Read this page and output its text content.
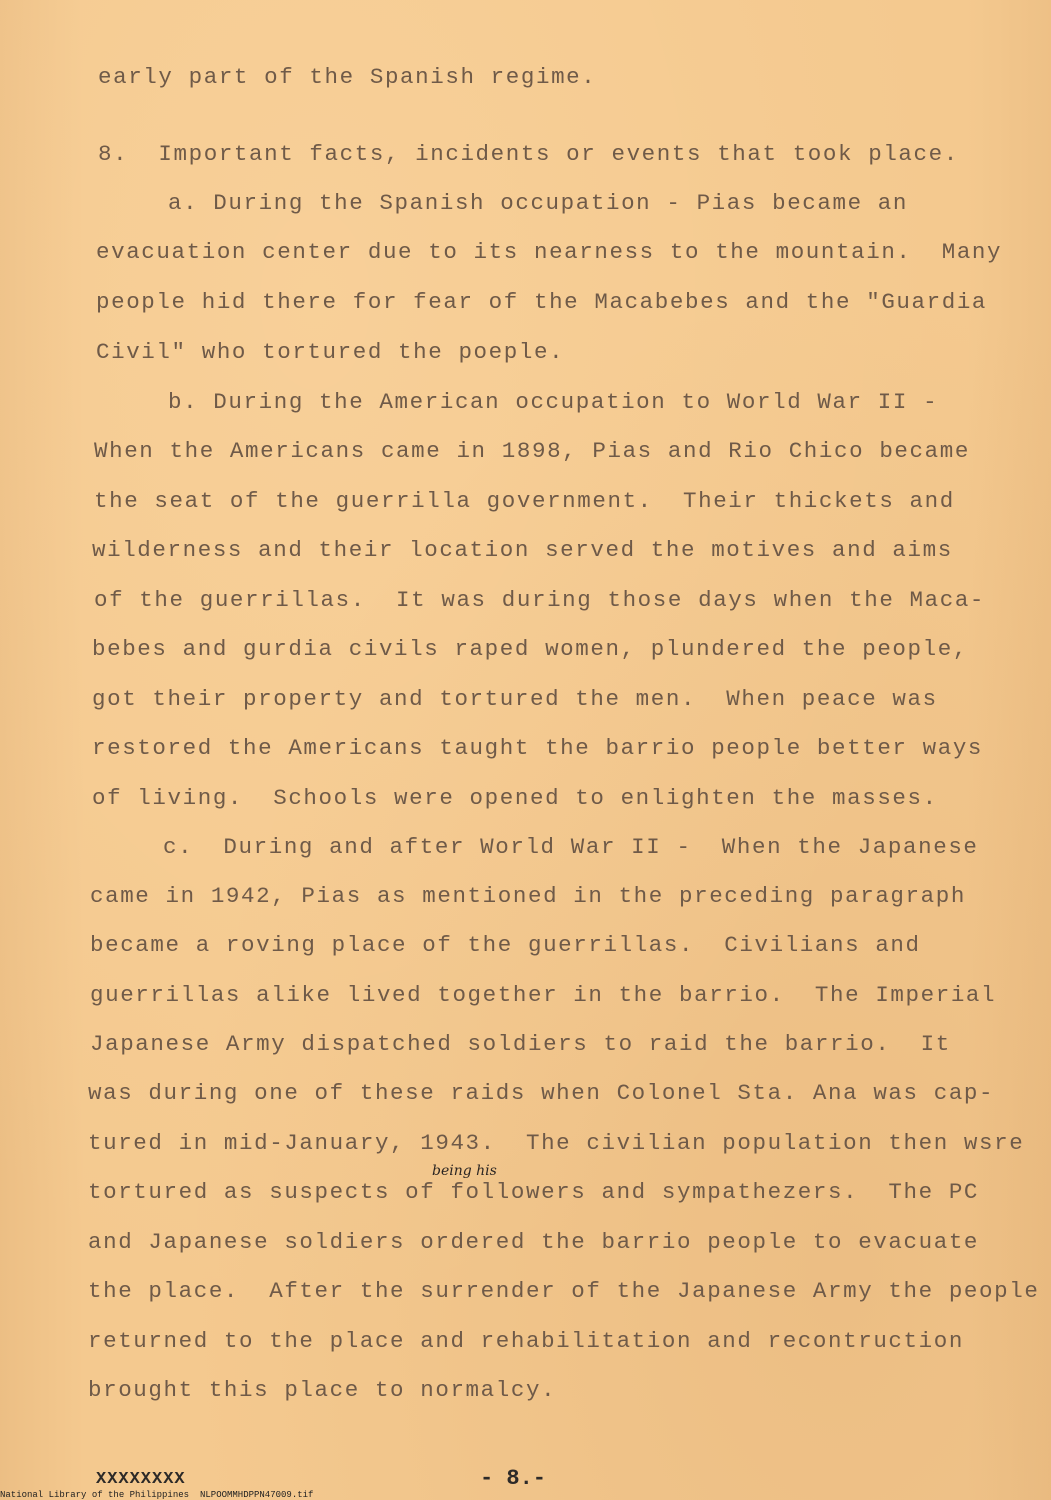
early part of the Spanish regime.
8.  Important facts, incidents or events that took place.
a. During the Spanish occupation - Pias became an
evacuation center due to its nearness to the mountain.  Many
people hid there for fear of the Macabebes and the "Guardia
Civil" who tortured the poeple.
b. During the American occupation to World War II -
When the Americans came in 1898, Pias and Rio Chico became
the seat of the guerrilla government.  Their thickets and
wilderness and their location served the motives and aims
of the guerrillas.  It was during those days when the Maca-
bebes and gurdia civils raped women, plundered the people,
got their property and tortured the men.  When peace was
restored the Americans taught the barrio people better ways
of living.  Schools were opened to enlighten the masses.
c.  During and after World War II -  When the Japanese
came in 1942, Pias as mentioned in the preceding paragraph
became a roving place of the guerrillas.  Civilians and
guerrillas alike lived together in the barrio.  The Imperial
Japanese Army dispatched soldiers to raid the barrio.  It
was during one of these raids when Colonel Sta. Ana was cap-
tured in mid-January, 1943.  The civilian population then wsre
being his
tortured as suspects of followers and sympathezers.  The PC
and Japanese soldiers ordered the barrio people to evacuate
the place.  After the surrender of the Japanese Army the people
returned to the place and rehabilitation and recontruction
brought this place to normalcy.
XXXXXXXX	- 8.-
National Library of the Philippines NLPOOMMHDPPN47009.tif
